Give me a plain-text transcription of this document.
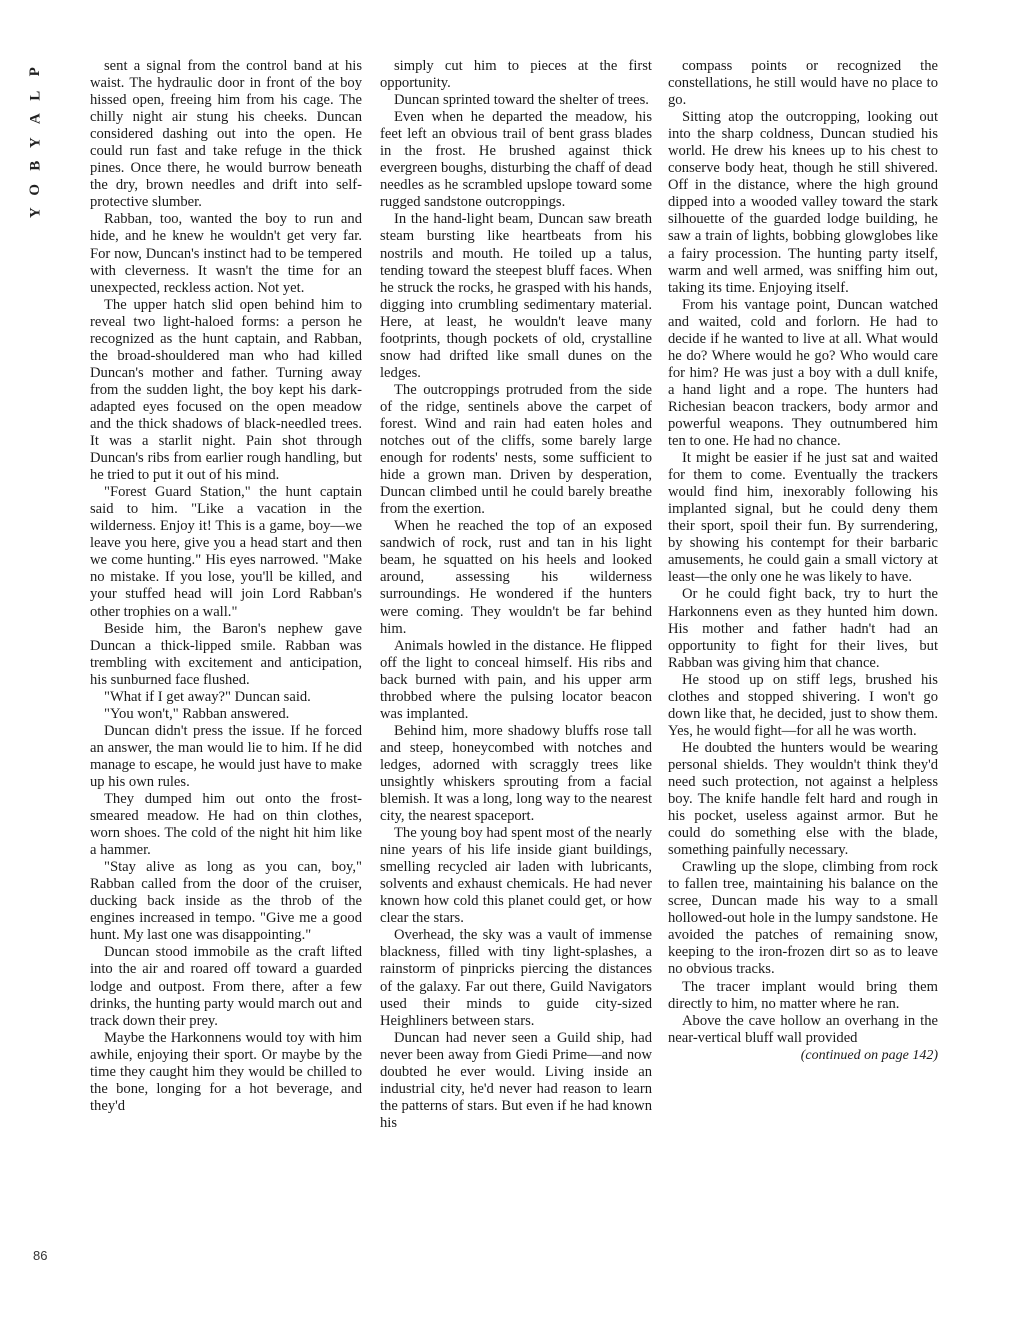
P
L
A
Y
B
O
Y

sent a signal from the control band at his waist. The hydraulic door in front of the boy hissed open, freeing him from his cage. The chilly night air stung his cheeks. Duncan considered dashing out into the open. He could run fast and take refuge in the thick pines. Once there, he would burrow beneath the dry, brown needles and drift into self-protective slumber.

Rabban, too, wanted the boy to run and hide, and he knew he wouldn't get very far. For now, Duncan's instinct had to be tempered with cleverness. It wasn't the time for an unexpected, reckless action. Not yet.

The upper hatch slid open behind him to reveal two light-haloed forms: a person he recognized as the hunt captain, and Rabban, the broad-shouldered man who had killed Duncan's mother and father. Turning away from the sudden light, the boy kept his dark-adapted eyes focused on the open meadow and the thick shadows of black-needled trees. It was a starlit night. Pain shot through Duncan's ribs from earlier rough handling, but he tried to put it out of his mind.

"Forest Guard Station," the hunt captain said to him. "Like a vacation in the wilderness. Enjoy it! This is a game, boy—we leave you here, give you a head start and then we come hunting." His eyes narrowed. "Make no mistake. If you lose, you'll be killed, and your stuffed head will join Lord Rabban's other trophies on a wall."

Beside him, the Baron's nephew gave Duncan a thick-lipped smile. Rabban was trembling with excitement and anticipation, his sunburned face flushed.

"What if I get away?" Duncan said.

"You won't," Rabban answered.

Duncan didn't press the issue. If he forced an answer, the man would lie to him. If he did manage to escape, he would just have to make up his own rules.

They dumped him out onto the frost-smeared meadow. He had on thin clothes, worn shoes. The cold of the night hit him like a hammer.

"Stay alive as long as you can, boy," Rabban called from the door of the cruiser, ducking back inside as the throb of the engines increased in tempo. "Give me a good hunt. My last one was disappointing."

Duncan stood immobile as the craft lifted into the air and roared off toward a guarded lodge and outpost. From there, after a few drinks, the hunting party would march out and track down their prey.

Maybe the Harkonnens would toy with him awhile, enjoying their sport. Or maybe by the time they caught him they would be chilled to the bone, longing for a hot beverage, and they'd

simply cut him to pieces at the first opportunity.

Duncan sprinted toward the shelter of trees.

Even when he departed the meadow, his feet left an obvious trail of bent grass blades in the frost. He brushed against thick evergreen boughs, disturbing the chaff of dead needles as he scrambled upslope toward some rugged sandstone outcroppings.

In the hand-light beam, Duncan saw breath steam bursting like heartbeats from his nostrils and mouth. He toiled up a talus, tending toward the steepest bluff faces. When he struck the rocks, he grasped with his hands, digging into crumbling sedimentary material. Here, at least, he wouldn't leave many footprints, though pockets of old, crystalline snow had drifted like small dunes on the ledges.

The outcroppings protruded from the side of the ridge, sentinels above the carpet of forest. Wind and rain had eaten holes and notches out of the cliffs, some barely large enough for rodents' nests, some sufficient to hide a grown man. Driven by desperation, Duncan climbed until he could barely breathe from the exertion.

When he reached the top of an exposed sandwich of rock, rust and tan in his light beam, he squatted on his heels and looked around, assessing his wilderness surroundings. He wondered if the hunters were coming. They wouldn't be far behind him.

Animals howled in the distance. He flipped off the light to conceal himself. His ribs and back burned with pain, and his upper arm throbbed where the pulsing locator beacon was implanted.

Behind him, more shadowy bluffs rose tall and steep, honeycombed with notches and ledges, adorned with scraggly trees like unsightly whiskers sprouting from a facial blemish. It was a long, long way to the nearest city, the nearest spaceport.

The young boy had spent most of the nearly nine years of his life inside giant buildings, smelling recycled air laden with lubricants, solvents and exhaust chemicals. He had never known how cold this planet could get, or how clear the stars.

Overhead, the sky was a vault of immense blackness, filled with tiny light-splashes, a rainstorm of pinpricks piercing the distances of the galaxy. Far out there, Guild Navigators used their minds to guide city-sized Heighliners between stars.

Duncan had never seen a Guild ship, had never been away from Giedi Prime—and now doubted he ever would. Living inside an industrial city, he'd never had reason to learn the patterns of stars. But even if he had known his

compass points or recognized the constellations, he still would have no place to go.

Sitting atop the outcropping, looking out into the sharp coldness, Duncan studied his world. He drew his knees up to his chest to conserve body heat, though he still shivered. Off in the distance, where the high ground dipped into a wooded valley toward the stark silhouette of the guarded lodge building, he saw a train of lights, bobbing glowglobes like a fairy procession. The hunting party itself, warm and well armed, was sniffing him out, taking its time. Enjoying itself.

From his vantage point, Duncan watched and waited, cold and forlorn. He had to decide if he wanted to live at all. What would he do? Where would he go? Who would care for him? He was just a boy with a dull knife, a hand light and a rope. The hunters had Richesian beacon trackers, body armor and powerful weapons. They outnumbered him ten to one. He had no chance.

It might be easier if he just sat and waited for them to come. Eventually the trackers would find him, inexorably following his implanted signal, but he could deny them their sport, spoil their fun. By surrendering, by showing his contempt for their barbaric amusements, he could gain a small victory at least—the only one he was likely to have.

Or he could fight back, try to hurt the Harkonnens even as they hunted him down. His mother and father hadn't had an opportunity to fight for their lives, but Rabban was giving him that chance.

He stood up on stiff legs, brushed his clothes and stopped shivering. I won't go down like that, he decided, just to show them. Yes, he would fight—for all he was worth.

He doubted the hunters would be wearing personal shields. They wouldn't think they'd need such protection, not against a helpless boy. The knife handle felt hard and rough in his pocket, useless against armor. But he could do something else with the blade, something painfully necessary.

Crawling up the slope, climbing from rock to fallen tree, maintaining his balance on the scree, Duncan made his way to a small hollowed-out hole in the lumpy sandstone. He avoided the patches of remaining snow, keeping to the iron-frozen dirt so as to leave no obvious tracks.

The tracer implant would bring them directly to him, no matter where he ran.

Above the cave hollow an overhang in the near-vertical bluff wall provided

(continued on page 142)

86
